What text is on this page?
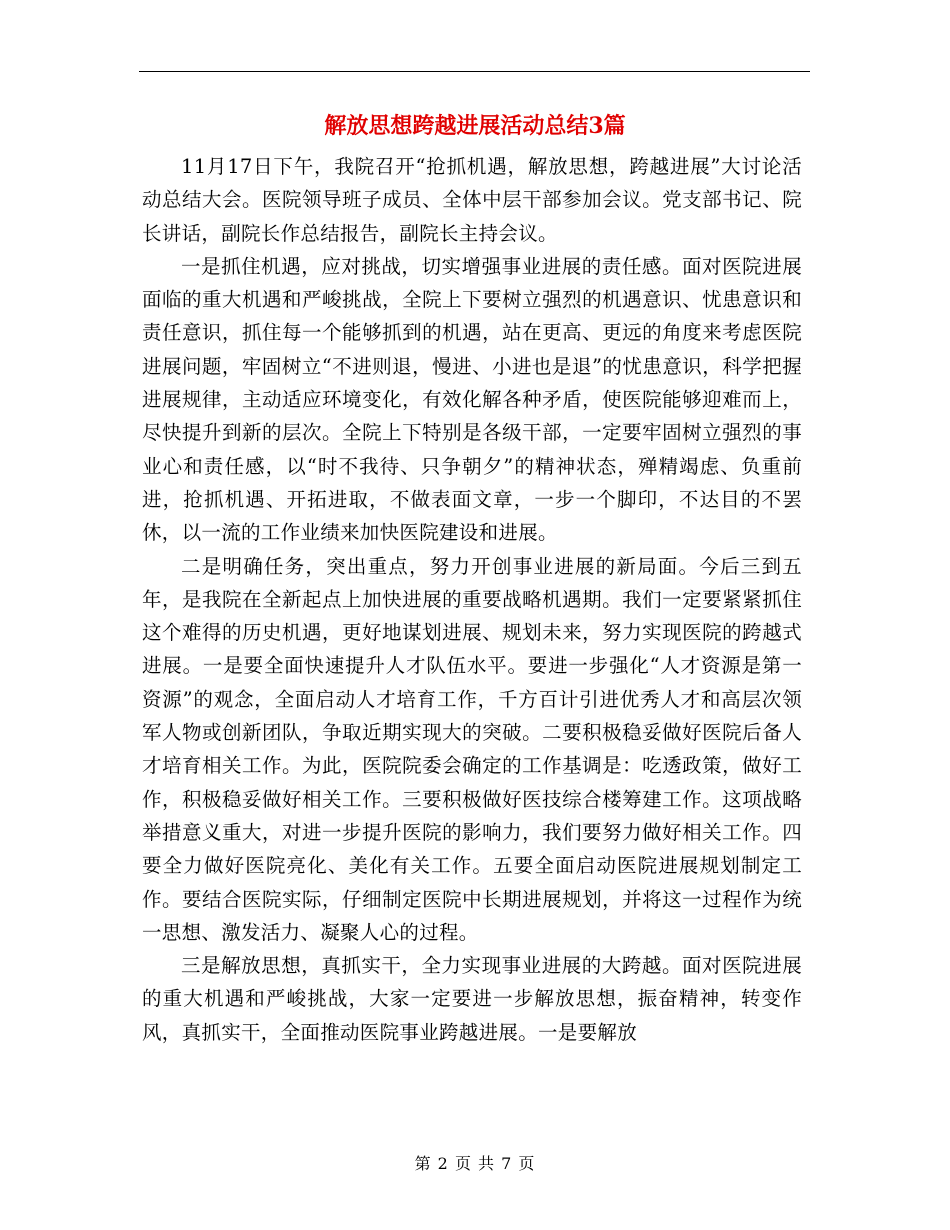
解放思想跨越进展活动总结3篇

11月17日下午，我院召开“抢抓机遇，解放思想，跨越进展”大讨论活动总结大会。医院领导班子成员、全体中层干部参加会议。党支部书记、院长讲话，副院长作总结报告，副院长主持会议。

一是抓住机遇，应对挑战，切实增强事业进展的责任感。面对医院进展面临的重大机遇和严峻挑战，全院上下要树立强烈的机遇意识、忧患意识和责任意识，抓住每一个能够抓到的机遇，站在更高、更远的角度来考虑医院进展问题，牢固树立“不进则退，慢进、小进也是退”的忧患意识，科学把握进展规律，主动适应环境变化，有效化解各种矛盾，使医院能够迎难而上，尽快提升到新的层次。全院上下特别是各级干部，一定要牢固树立强烈的事业心和责任感，以“时不我待、只争朝夕”的精神状态，殚精竭虑、负重前进，抢抓机遇、开拓进取，不做表面文章，一步一个脚印，不达目的不罢休，以一流的工作业绩来加快医院建设和进展。

二是明确任务，突出重点，努力开创事业进展的新局面。今后三到五年，是我院在全新起点上加快进展的重要战略机遇期。我们一定要紧紧抓住这个难得的历史机遇，更好地谋划进展、规划未来，努力实现医院的跨越式进展。一是要全面快速提升人才队伍水平。要进一步强化“人才资源是第一资源”的观念，全面启动人才培育工作，千方百计引进优秀人才和高层次领军人物或创新团队，争取近期实现大的突破。二要积极稳妥做好医院后备人才培育相关工作。为此，医院院委会确定的工作基调是：吃透政策，做好工作，积极稳妥做好相关工作。三要积极做好医技综合楼筹建工作。这项战略举措意义重大，对进一步提升医院的影响力，我们要努力做好相关工作。四要全力做好医院亮化、美化有关工作。五要全面启动医院进展规划制定工作。要结合医院实际，仔细制定医院中长期进展规划，并将这一过程作为统一思想、激发活力、凝聚人心的过程。

三是解放思想，真抓实干，全力实现事业进展的大跨越。面对医院进展的重大机遇和严峻挑战，大家一定要进一步解放思想，振奋精神，转变作风，真抓实干，全面推动医院事业跨越进展。一是要解放

第 2 页 共 7 页
